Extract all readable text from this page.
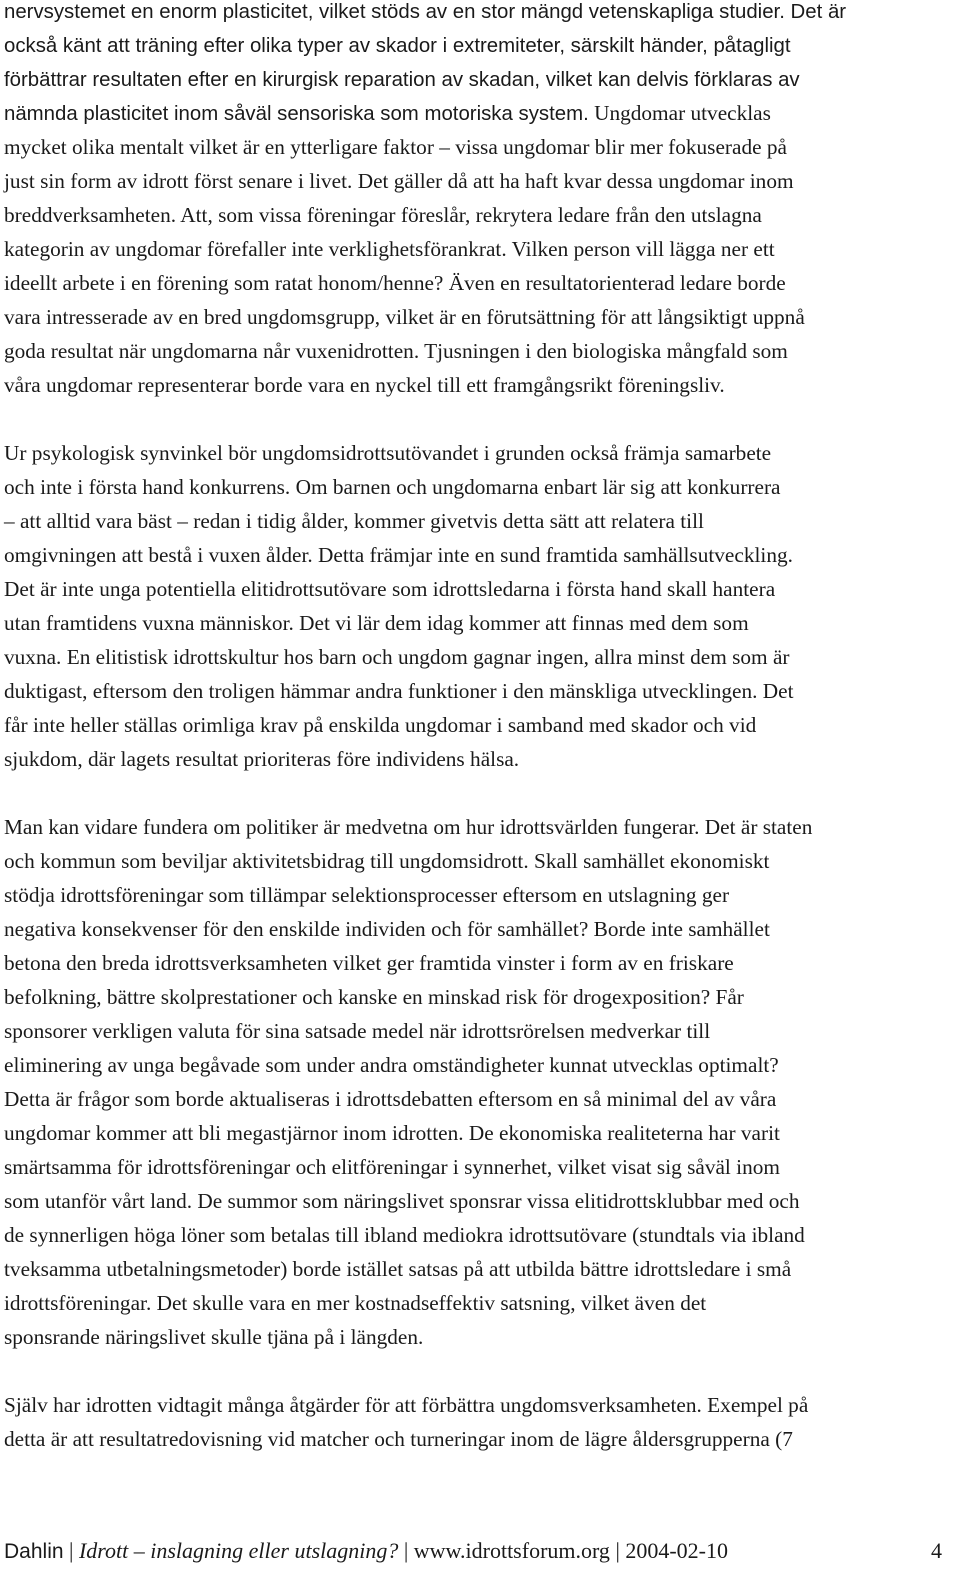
nervsystemet en enorm plasticitet, vilket stöds av en stor mängd vetenskapliga studier. Det är
också känt att träning efter olika typer av skador i extremiteter, särskilt händer, påtagligt
förbättrar resultaten efter en kirurgisk reparation av skadan, vilket kan delvis förklaras av
nämnda plasticitet inom såväl sensoriska som motoriska system. Ungdomar utvecklas
mycket olika mentalt vilket är en ytterligare faktor – vissa ungdomar blir mer fokuserade på
just sin form av idrott först senare i livet. Det gäller då att ha haft kvar dessa ungdomar inom
breddverksamheten. Att, som vissa föreningar föreslår, rekrytera ledare från den utslagna
kategorin av ungdomar förefaller inte verklighetsförankrat. Vilken person vill lägga ner ett
ideellt arbete i en förening som ratat honom/henne? Även en resultatorienterad ledare borde
vara intresserade av en bred ungdomsgrupp, vilket är en förutsättning för att långsiktigt uppnå
goda resultat när ungdomarna når vuxenidrotten. Tjusningen i den biologiska mångfald som
våra ungdomar representerar borde vara en nyckel till ett framgångsrikt föreningsliv.
Ur psykologisk synvinkel bör ungdomsidrottsutövandet i grunden också främja samarbete
och inte i första hand konkurrens. Om barnen och ungdomarna enbart lär sig att konkurrera
– att alltid vara bäst – redan i tidig ålder, kommer givetvis detta sätt att relatera till
omgivningen att bestå i vuxen ålder. Detta främjar inte en sund framtida samhällsutveckling.
Det är inte unga potentiella elitidrottsutövare som idrottsledarna i första hand skall hantera
utan framtidens vuxna människor. Det vi lär dem idag kommer att finnas med dem som
vuxna. En elitistisk idrottskultur hos barn och ungdom gagnar ingen, allra minst dem som är
duktigast, eftersom den troligen hämmar andra funktioner i den mänskliga utvecklingen. Det
får inte heller ställas orimliga krav på enskilda ungdomar i samband med skador och vid
sjukdom, där lagets resultat prioriteras före individens hälsa.
Man kan vidare fundera om politiker är medvetna om hur idrottsvärlden fungerar. Det är staten
och kommun som beviljar aktivitetsbidrag till ungdomsidrott. Skall samhället ekonomiskt
stödja idrottsföreningar som tillämpar selektionsprocesser eftersom en utslagning ger
negativa konsekvenser för den enskilde individen och för samhället? Borde inte samhället
betona den breda idrottsverksamheten vilket ger framtida vinster i form av en friskare
befolkning, bättre skolprestationer och kanske en minskad risk för drogexposition? Får
sponsorer verkligen valuta för sina satsade medel när idrottsrörelsen medverkar till
eliminering av unga begåvade som under andra omständigheter kunnat utvecklas optimalt?
Detta är frågor som borde aktualiseras i idrottsdebatten eftersom en så minimal del av våra
ungdomar kommer att bli megastjärnor inom idrotten. De ekonomiska realiteterna har varit
smärtsamma för idrottsföreningar och elitföreningar i synnerhet, vilket visat sig såväl inom
som utanför vårt land. De summor som näringslivet sponsrar vissa elitidrottsklubbar med och
de synnerligen höga löner som betalas till ibland mediokra idrottsutövare (stundtals via ibland
tveksamma utbetalningsmetoder) borde istället satsas på att utbilda bättre idrottsledare i små
idrottsföreningar. Det skulle vara en mer kostnadseffektiv satsning, vilket även det
sponsrande näringslivet skulle tjäna på i längden.
Själv har idrotten vidtagit många åtgärder för att förbättra ungdomsverksamheten. Exempel på
detta är att resultatredovisning vid matcher och turneringar inom de lägre åldersgrupperna (7
Dahlin | Idrott – inslagning eller utslagning? | www.idrottsforum.org | 2004-02-10	4
